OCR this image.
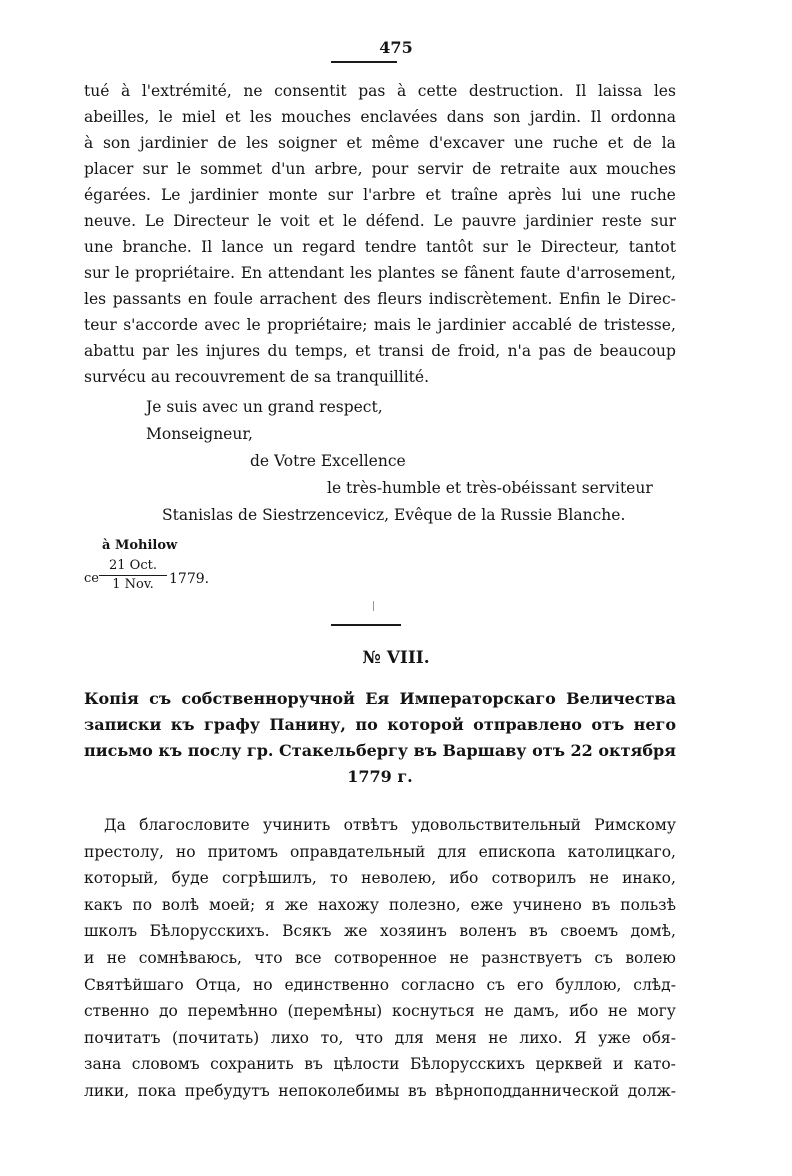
475
tué à l'extrémité, ne consentit pas à cette destruction. Il laissa les
abeilles, le miel et les mouches enclavées dans son jardin. Il ordonna
à son jardinier de les soigner et même d'excaver une ruche et de la
placer sur le sommet d'un arbre, pour servir de retraite aux mouches
égarées. Le jardinier monte sur l'arbre et traîne après lui une ruche
neuve. Le Directeur le voit et le défend. Le pauvre jardinier reste sur
une branche. Il lance un regard tendre tantôt sur le Directeur, tantot
sur le propriétaire. En attendant les plantes se fânent faute d'arrosement,
les passants en foule arrachent des fleurs indiscrètement. Enfin le Direc-
teur s'accorde avec le propriétaire; mais le jardinier accablé de tristesse,
abattu par les injures du temps, et transi de froid, n'a pas de beaucoup
survécu au recouvrement de sa tranquillité.
Je suis avec un grand respect,
Monseigneur,
de Votre Excellence
le très-humble et très-obéissant serviteur
Stanislas de Siestrzencevicz, Evêque de la Russie Blanche.
à Mohilow
ce
21 Oct.
1 Nov.	1779.
№ VIII.
Копія съ собственноручной Ея Императорскаго Величества
записки къ графу Панину, по которой отправлено отъ него
письмо къ послу гр. Стакельбергу въ Варшаву отъ 22 октября
1779 г.
Да благословите учинить отвѣтъ удовольствительный Римскому
престолу, но притомъ оправдательный для епископа католицкаго,
который, буде согрѣшилъ, то неволею, ибо сотворилъ не инако,
какъ по волѣ моей; я же нахожу полезно, еже учинено въ пользѣ
школъ Бѣлорусскихъ. Всякъ же хозяинъ воленъ въ своемъ домѣ,
и не сомнѣваюсь, что все сотворенное не разнствуетъ съ волею
Святѣйшаго Отца, но единственно согласно съ его буллою, слѣд-
ственно до перемѣнно (перемѣны) коснуться не дамъ, ибо не могу
почитатъ (почитать) лихо то, что для меня не лихо. Я уже обя-
зана словомъ сохранить въ цѣлости Бѣлорусскихъ церквей и като-
лики, пока пребудутъ непоколебимы въ вѣрноподданнической долж-
